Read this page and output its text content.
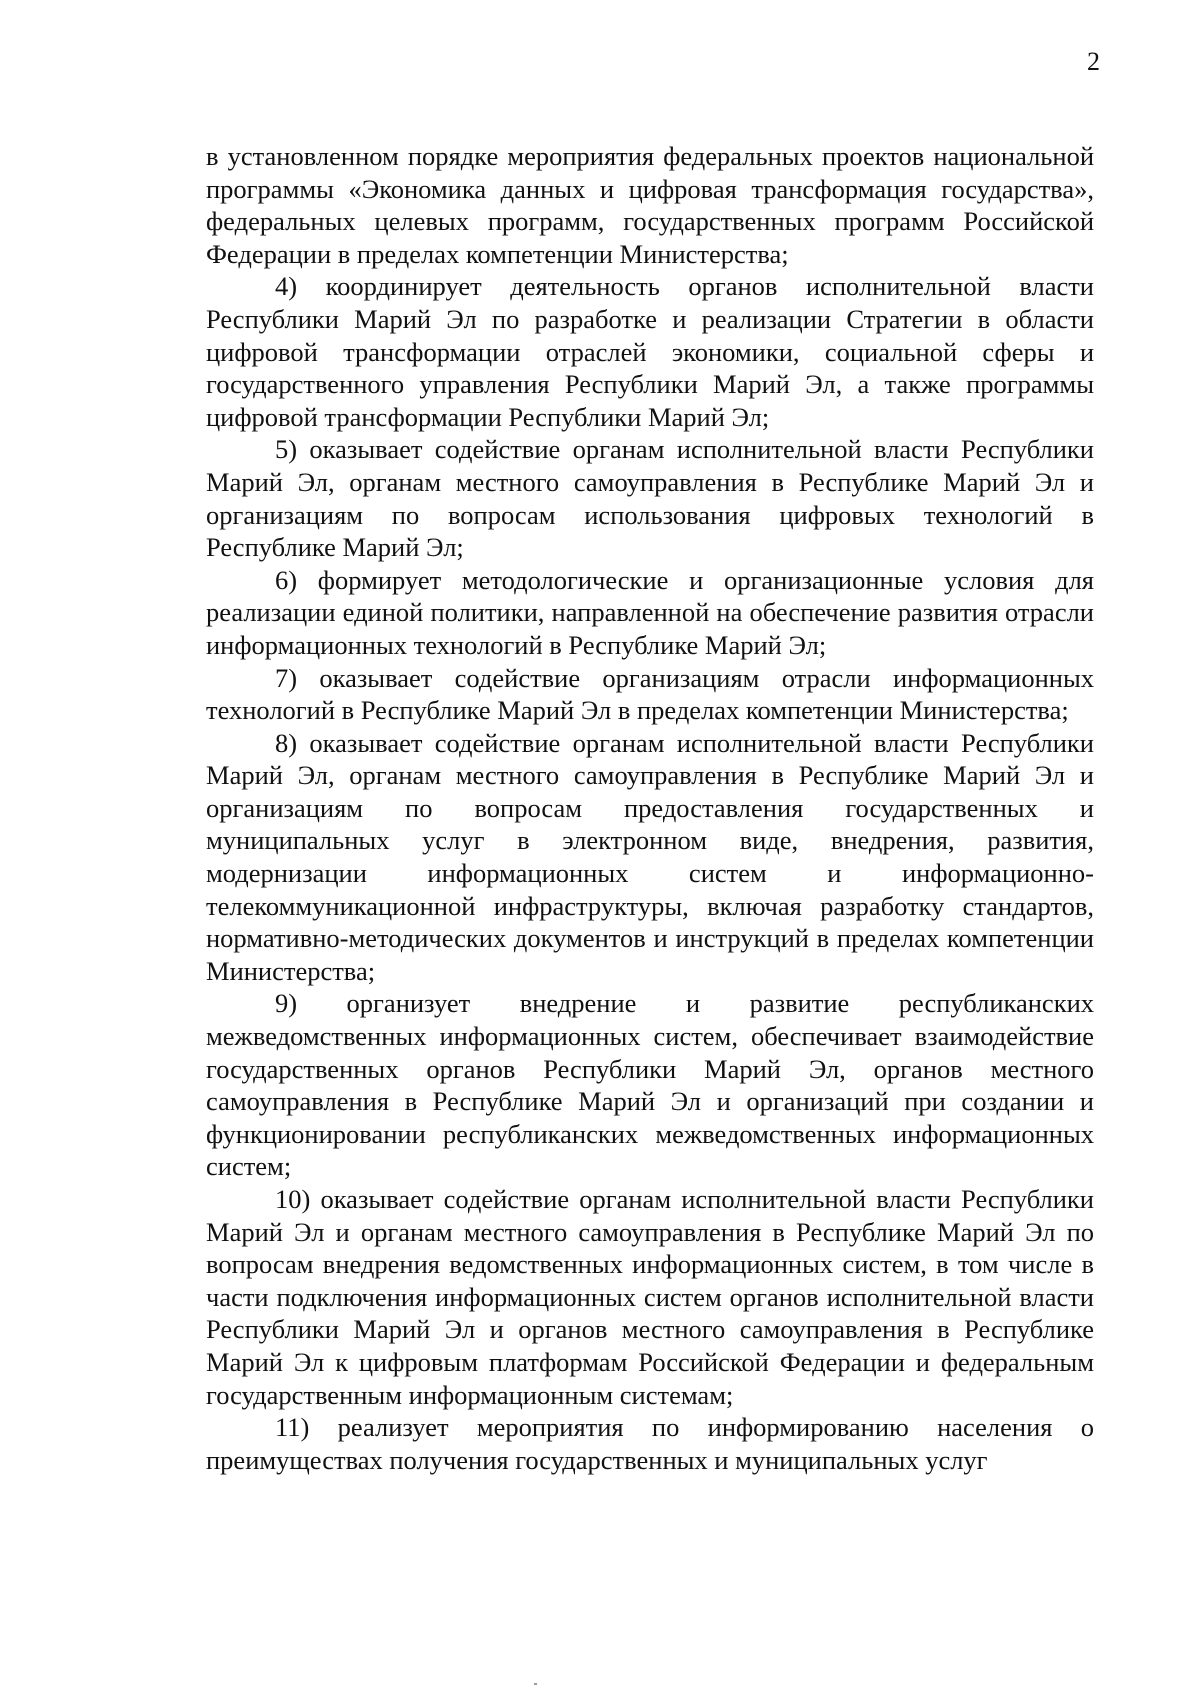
2

в установленном порядке мероприятия федеральных проектов национальной программы «Экономика данных и цифровая трансформация государства», федеральных целевых программ, государственных программ Российской Федерации в пределах компетенции Министерства;

4) координирует деятельность органов исполнительной власти Республики Марий Эл по разработке и реализации Стратегии в области цифровой трансформации отраслей экономики, социальной сферы и государственного управления Республики Марий Эл, а также программы цифровой трансформации Республики Марий Эл;

5) оказывает содействие органам исполнительной власти Республики Марий Эл, органам местного самоуправления в Республике Марий Эл и организациям по вопросам использования цифровых технологий в Республике Марий Эл;

6) формирует методологические и организационные условия для реализации единой политики, направленной на обеспечение развития отрасли информационных технологий в Республике Марий Эл;

7) оказывает содействие организациям отрасли информационных технологий в Республике Марий Эл в пределах компетенции Министерства;

8) оказывает содействие органам исполнительной власти Республики Марий Эл, органам местного самоуправления в Республике Марий Эл и организациям по вопросам предоставления государственных и муниципальных услуг в электронном виде, внедрения, развития, модернизации информационных систем и информационно-телекоммуникационной инфраструктуры, включая разработку стандартов, нормативно-методических документов и инструкций в пределах компетенции Министерства;

9) организует внедрение и развитие республиканских межведомственных информационных систем, обеспечивает взаимодействие государственных органов Республики Марий Эл, органов местного самоуправления в Республике Марий Эл и организаций при создании и функционировании республиканских межведомственных информационных систем;

10) оказывает содействие органам исполнительной власти Республики Марий Эл и органам местного самоуправления в Республике Марий Эл по вопросам внедрения ведомственных информационных систем, в том числе в части подключения информационных систем органов исполнительной власти Республики Марий Эл и органов местного самоуправления в Республике Марий Эл к цифровым платформам Российской Федерации и федеральным государственным информационным системам;

11) реализует мероприятия по информированию населения о преимуществах получения государственных и муниципальных услуг
